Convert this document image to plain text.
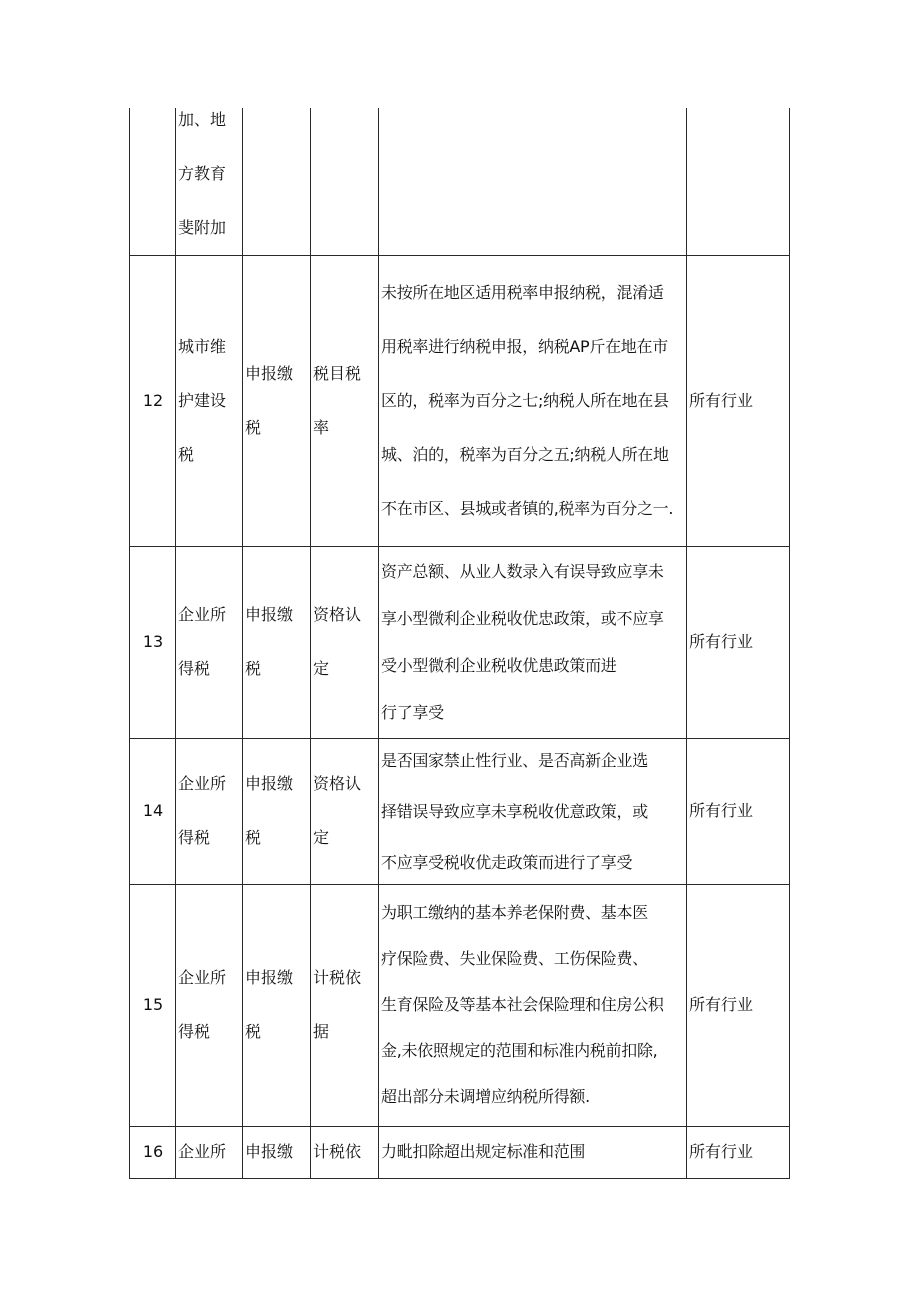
加、地
方教育
斐附加
12
城市维
护建设
税
申报缴
税
税目税
率
未按所在地区适用税率申报纳税，混淆适
用税率进行纳税申报，纳税AP斤在地在市
区的，税率为百分之七;纳税人所在地在县
城、泊的，税率为百分之五;纳税人所在地
不在市区、县城或者镇的,税率为百分之一.
所有行业
13
企业所
得税
申报缴
税
资格认
定
资产总额、从业人数录入有误导致应享未
享小型微利企业税收优忠政策，或不应享
受小型微利企业税收优患政策而进
行了享受
所有行业
14
企业所
得税
申报缴
税
资格认
定
是否国家禁止性行业、是否高新企业选
择错误导致应享未享税收优意政策，或
不应享受税收优走政策而进行了享受
所有行业
15
企业所
得税
申报缴
税
计税依
据
为职工缴纳的基本养老保附费、基本医
疗保险费、失业保险费、工伤保险费、
生育保险及等基本社会保险理和住房公积
金,未依照规定的范围和标准内税前扣除,
超出部分未调增应纳税所得额.
所有行业
16 企业所 申报缴 计税依 力毗扣除超出规定标准和范围	所有行业
